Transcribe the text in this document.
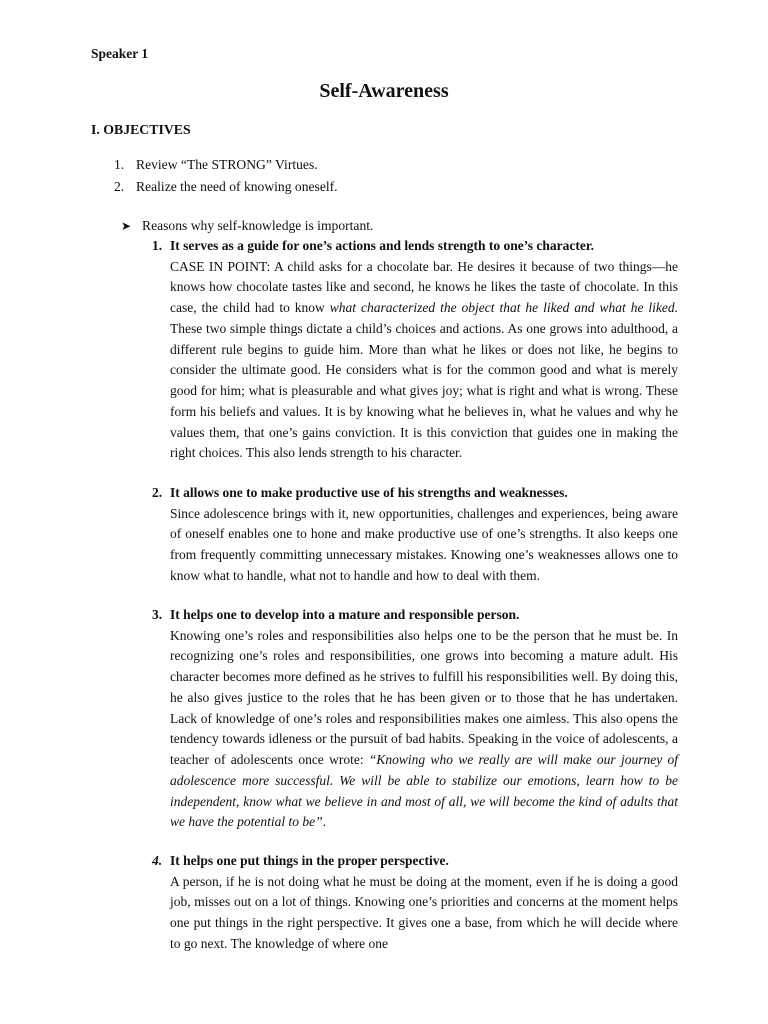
Speaker 1
Self-Awareness
I. OBJECTIVES
1. Review “The STRONG” Virtues.
2. Realize the need of knowing oneself.
➤ Reasons why self-knowledge is important.
1. It serves as a guide for one’s actions and lends strength to one’s character.
CASE IN POINT: A child asks for a chocolate bar. He desires it because of two things—he knows how chocolate tastes like and second, he knows he likes the taste of chocolate. In this case, the child had to know what characterized the object that he liked and what he liked. These two simple things dictate a child’s choices and actions. As one grows into adulthood, a different rule begins to guide him. More than what he likes or does not like, he begins to consider the ultimate good. He considers what is for the common good and what is merely good for him; what is pleasurable and what gives joy; what is right and what is wrong. These form his beliefs and values. It is by knowing what he believes in, what he values and why he values them, that one’s gains conviction. It is this conviction that guides one in making the right choices. This also lends strength to his character.
2. It allows one to make productive use of his strengths and weaknesses.
Since adolescence brings with it, new opportunities, challenges and experiences, being aware of oneself enables one to hone and make productive use of one’s strengths. It also keeps one from frequently committing unnecessary mistakes. Knowing one’s weaknesses allows one to know what to handle, what not to handle and how to deal with them.
3. It helps one to develop into a mature and responsible person.
Knowing one’s roles and responsibilities also helps one to be the person that he must be. In recognizing one’s roles and responsibilities, one grows into becoming a mature adult. His character becomes more defined as he strives to fulfill his responsibilities well. By doing this, he also gives justice to the roles that he has been given or to those that he has undertaken. Lack of knowledge of one’s roles and responsibilities makes one aimless. This also opens the tendency towards idleness or the pursuit of bad habits. Speaking in the voice of adolescents, a teacher of adolescents once wrote: “Knowing who we really are will make our journey of adolescence more successful. We will be able to stabilize our emotions, learn how to be independent, know what we believe in and most of all, we will become the kind of adults that we have the potential to be”.
4. It helps one put things in the proper perspective.
A person, if he is not doing what he must be doing at the moment, even if he is doing a good job, misses out on a lot of things. Knowing one’s priorities and concerns at the moment helps one put things in the right perspective. It gives one a base, from which he will decide where to go next. The knowledge of where one
